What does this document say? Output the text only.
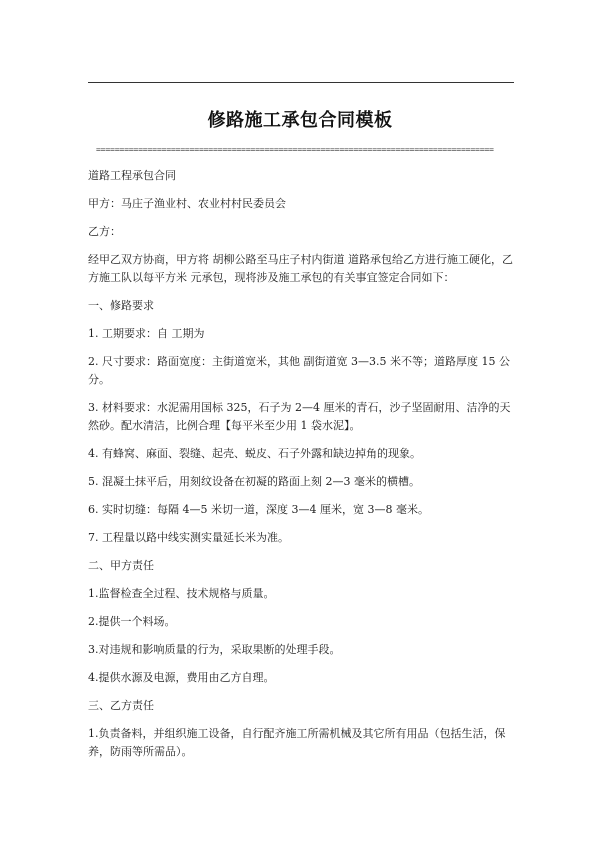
修路施工承包合同模板
=====================================================================================

道路工程承包合同

甲方：马庄子渔业村、农业村村民委员会

乙方：

经甲乙双方协商，甲方将 胡柳公路至马庄子村内街道 道路承包给乙方进行施工硬化，乙方施工队以每平方米 元承包，现将涉及施工承包的有关事宜签定合同如下：

一、修路要求

1. 工期要求：自 工期为

2. 尺寸要求：路面宽度：主街道宽米，其他 副街道宽 3—3.5 米不等；道路厚度 15 公分。

3. 材料要求：水泥需用国标 325，石子为 2—4 厘米的青石，沙子坚固耐用、洁净的天然砂。配水清洁，比例合理【每平米至少用 1 袋水泥】。

4. 有蜂窝、麻面、裂缝、起壳、蜕皮、石子外露和缺边掉角的现象。

5. 混凝土抹平后，用刻纹设备在初凝的路面上刻 2—3 毫米的横槽。

6. 实时切缝：每隔 4—5 米切一道，深度 3—4 厘米，宽 3—8 毫米。

7. 工程量以路中线实测实量延长米为准。

二、甲方责任

1.监督检查全过程、技术规格与质量。

2.提供一个料场。

3.对违规和影响质量的行为，采取果断的处理手段。

4.提供水源及电源，费用由乙方自理。

三、乙方责任

1.负责备料，并组织施工设备，自行配齐施工所需机械及其它所有用品（包括生活，保养，防雨等所需品）。
